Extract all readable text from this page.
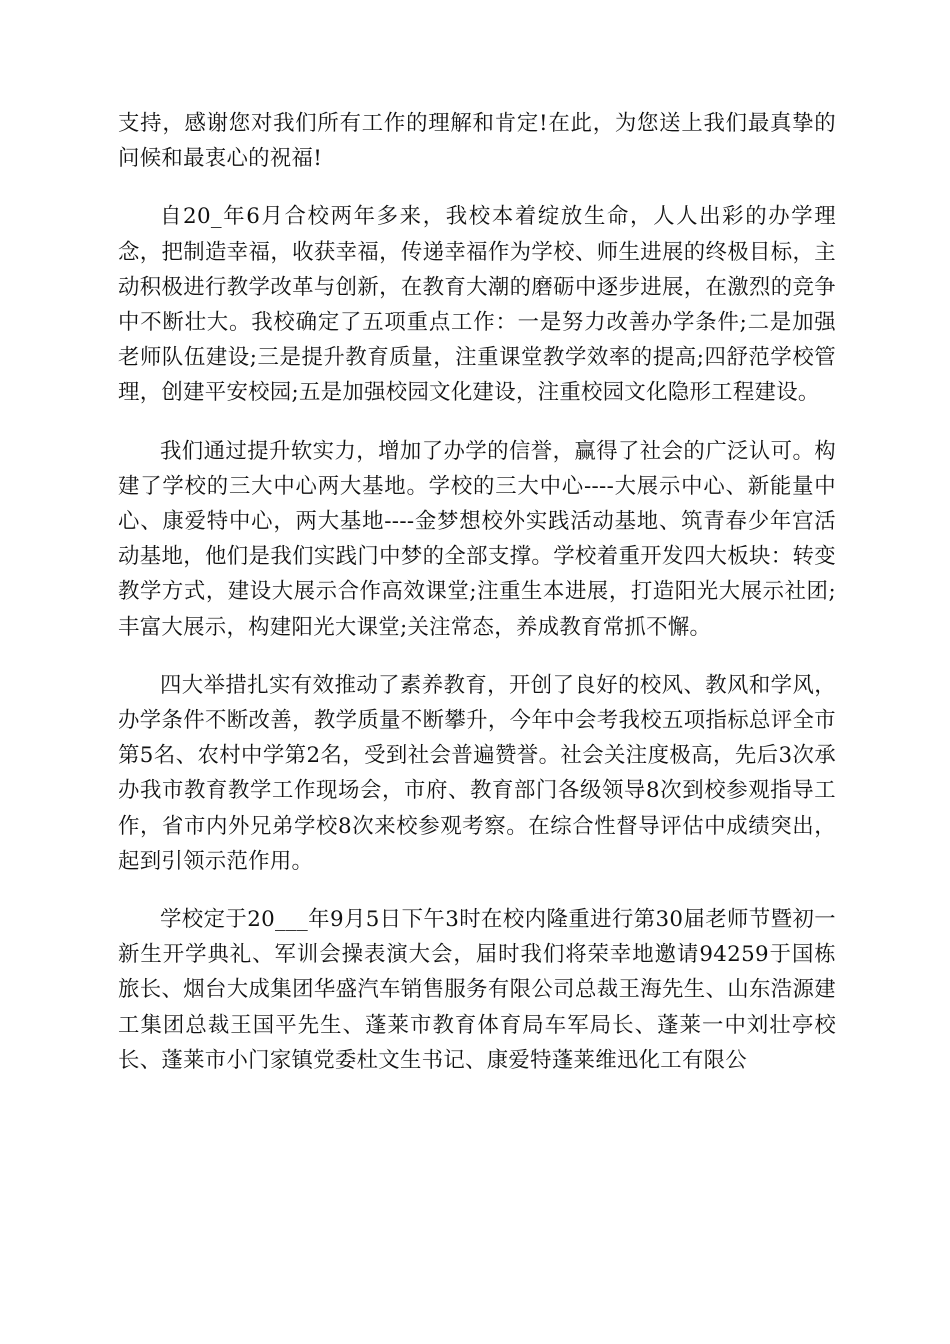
支持，感谢您对我们所有工作的理解和肯定!在此，为您送上我们最真挚的问候和最衷心的祝福!

自20_年6月合校两年多来，我校本着绽放生命，人人出彩的办学理念，把制造幸福，收获幸福，传递幸福作为学校、师生进展的终极目标，主动积极进行教学改革与创新，在教育大潮的磨砺中逐步进展，在激烈的竞争中不断壮大。我校确定了五项重点工作：一是努力改善办学条件;二是加强老师队伍建设;三是提升教育质量，注重课堂教学效率的提高;四舒范学校管理，创建平安校园;五是加强校园文化建设，注重校园文化隐形工程建设。

我们通过提升软实力，增加了办学的信誉，赢得了社会的广泛认可。构建了学校的三大中心两大基地。学校的三大中心----大展示中心、新能量中心、康爱特中心，两大基地----金梦想校外实践活动基地、筑青春少年宫活动基地，他们是我们实践门中梦的全部支撑。学校着重开发四大板块：转变教学方式，建设大展示合作高效课堂;注重生本进展，打造阳光大展示社团;丰富大展示，构建阳光大课堂;关注常态，养成教育常抓不懈。

四大举措扎实有效推动了素养教育，开创了良好的校风、教风和学风，办学条件不断改善，教学质量不断攀升，今年中会考我校五项指标总评全市第5名、农村中学第2名，受到社会普遍赞誉。社会关注度极高，先后3次承办我市教育教学工作现场会，市府、教育部门各级领导8次到校参观指导工作，省市内外兄弟学校8次来校参观考察。在综合性督导评估中成绩突出，起到引领示范作用。

学校定于20___年9月5日下午3时在校内隆重进行第30届老师节暨初一新生开学典礼、军训会操表演大会，届时我们将荣幸地邀请94259于国栋旅长、烟台大成集团华盛汽车销售服务有限公司总裁王海先生、山东浩源建工集团总裁王国平先生、蓬莱市教育体育局车军局长、蓬莱一中刘壮亭校长、蓬莱市小门家镇党委杜文生书记、康爱特蓬莱维迅化工有限公
